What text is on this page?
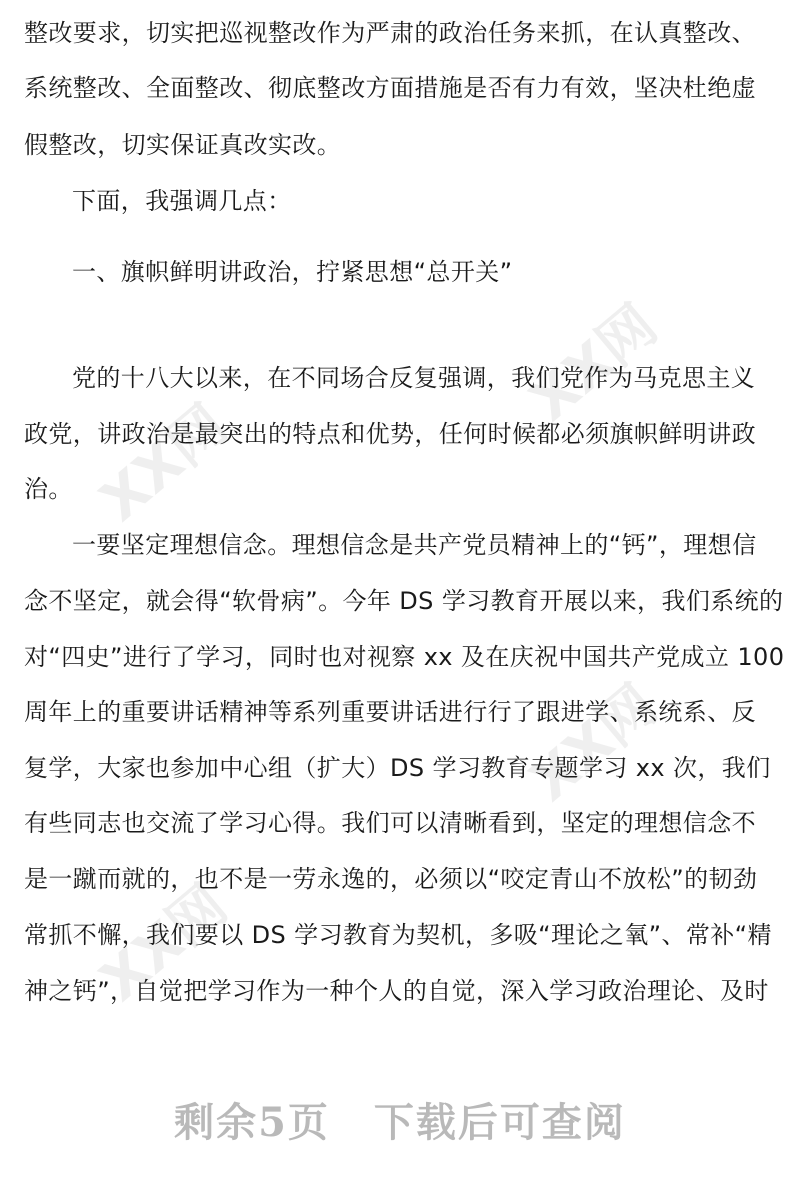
XX网
XX网
XX网
XX网
整改要求，切实把巡视整改作为严肃的政治任务来抓，在认真整改、
系统整改、全面整改、彻底整改方面措施是否有力有效，坚决杜绝虚
假整改，切实保证真改实改。
下面，我强调几点：
一、旗帜鲜明讲政治，拧紧思想“总开关”
党的十八大以来，在不同场合反复强调，我们党作为马克思主义
政党，讲政治是最突出的特点和优势，任何时候都必须旗帜鲜明讲政
治。
一要坚定理想信念。理想信念是共产党员精神上的“钙”，理想信
念不坚定，就会得“软骨病”。今年 DS 学习教育开展以来，我们系统的
对“四史”进行了学习，同时也对视察 xx 及在庆祝中国共产党成立 100
周年上的重要讲话精神等系列重要讲话进行行了跟进学、系统系、反
复学，大家也参加中心组（扩大）DS 学习教育专题学习 xx 次，我们
有些同志也交流了学习心得。我们可以清晰看到，坚定的理想信念不
是一蹴而就的，也不是一劳永逸的，必须以“咬定青山不放松”的韧劲
常抓不懈，我们要以 DS 学习教育为契机，多吸“理论之氧”、常补“精
神之钙”，自觉把学习作为一种个人的自觉，深入学习政治理论、及时
剩余5页 下载后可查阅
